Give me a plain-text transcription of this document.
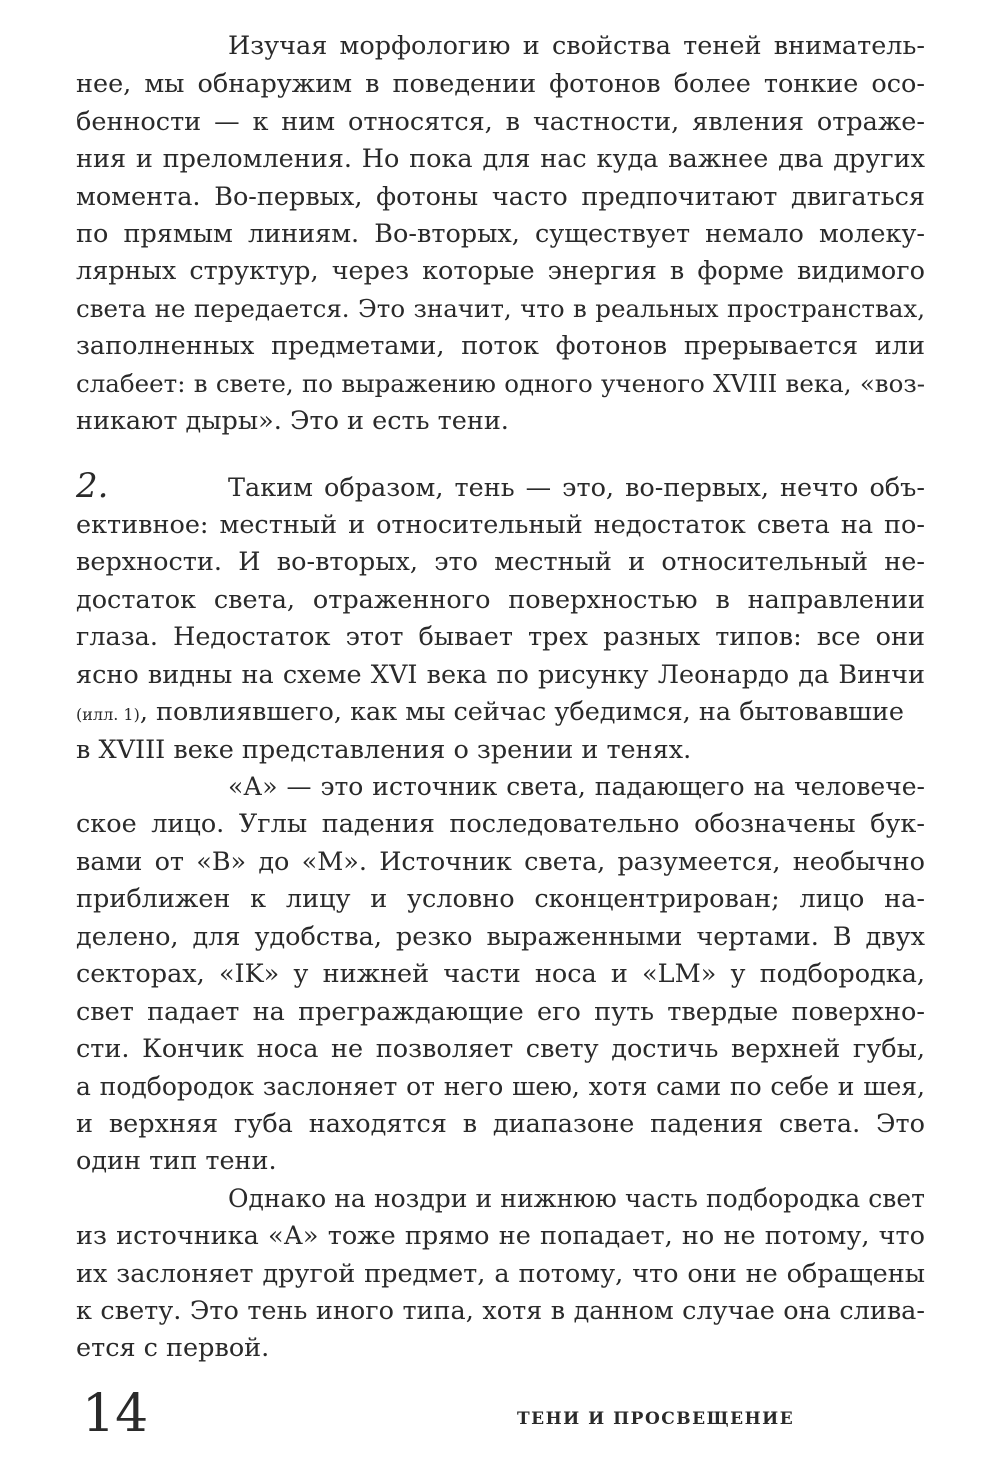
Изучая морфологию и свойства теней вниматель-
нее, мы обнаружим в поведении фотонов более тонкие осо-
бенности — к ним относятся, в частности, явления отраже-
ния и преломления. Но пока для нас куда важнее два других
момента. Во-первых, фотоны часто предпочитают двигаться
по прямым линиям. Во-вторых, существует немало молеку-
лярных структур, через которые энергия в форме видимого
света не передается. Это значит, что в реальных пространствах,
заполненных предметами, поток фотонов прерывается или
слабеет: в свете, по выражению одного ученого XVIII века, «воз-
никают дыры». Это и есть тени.
2.	Таким образом, тень — это, во-первых, нечто объ-
ективное: местный и относительный недостаток света на по-
верхности. И во-вторых, это местный и относительный не-
достаток света, отраженного поверхностью в направлении
глаза. Недостаток этот бывает трех разных типов: все они
ясно видны на схеме XVI века по рисунку Леонардо да Винчи
(илл. 1), повлиявшего, как мы сейчас убедимся, на бытовавшие
в XVIII веке представления о зрении и тенях.
«А» — это источник света, падающего на человече-
ское лицо. Углы падения последовательно обозначены бук-
вами от «В» до «М». Источник света, разумеется, необычно
приближен к лицу и условно сконцентрирован; лицо на-
делено, для удобства, резко выраженными чертами. В двух
секторах, «IK» у нижней части носа и «LM» у подбородка,
свет падает на преграждающие его путь твердые поверхно-
сти. Кончик носа не позволяет свету достичь верхней губы,
а подбородок заслоняет от него шею, хотя сами по себе и шея,
и верхняя губа находятся в диапазоне падения света. Это
один тип тени.
Однако на ноздри и нижнюю часть подбородка свет
из источника «А» тоже прямо не попадает, но не потому, что
их заслоняет другой предмет, а потому, что они не обращены
к свету. Это тень иного типа, хотя в данном случае она слива-
ется с первой.
14	ТЕНИ И ПРОСВЕЩЕНИЕ
